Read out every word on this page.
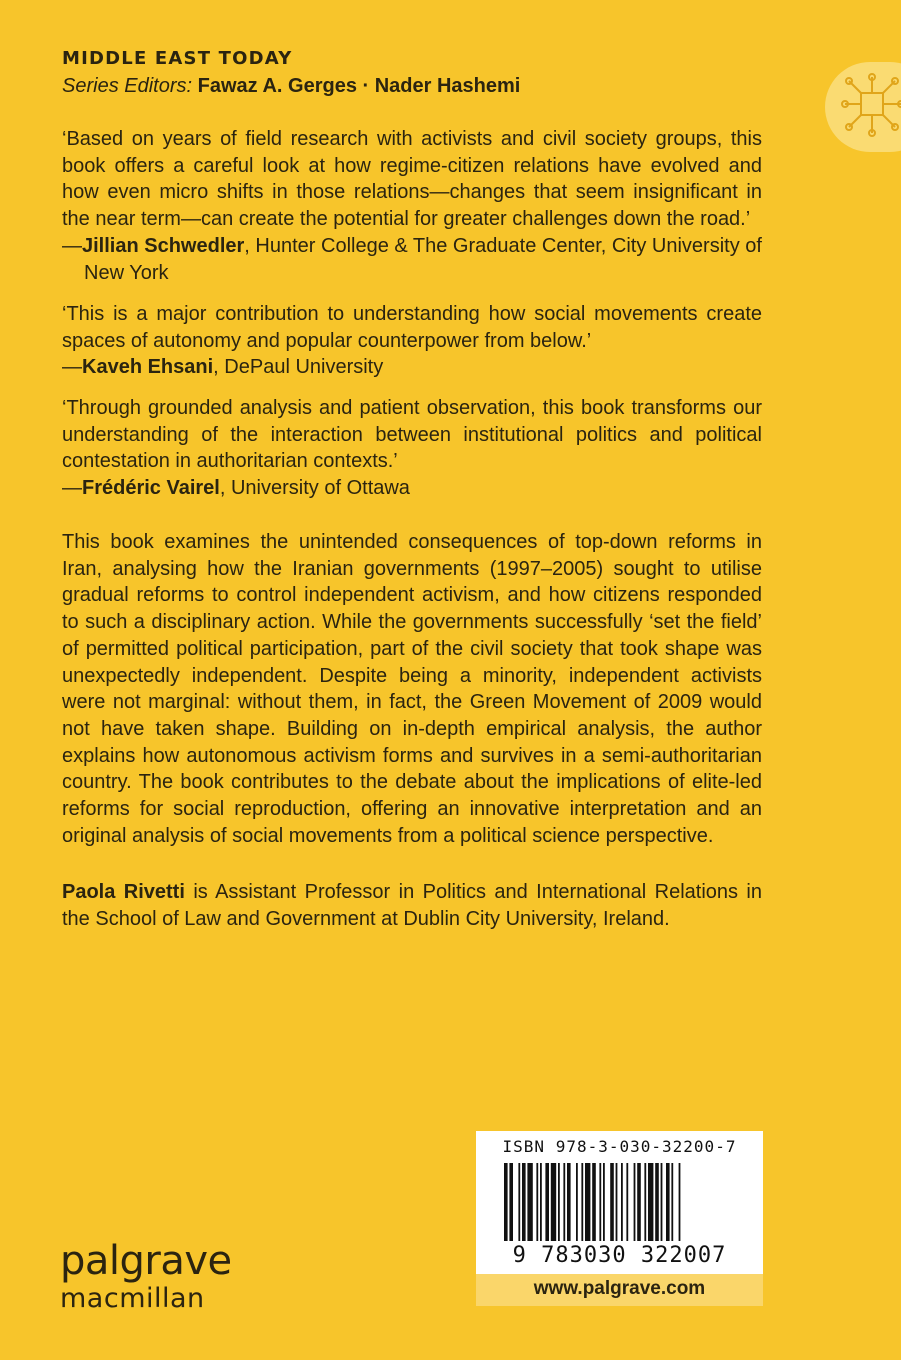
MIDDLE EAST TODAY
Series Editors: Fawaz A. Gerges · Nader Hashemi
‘Based on years of field research with activists and civil society groups, this book offers a careful look at how regime-citizen relations have evolved and how even micro shifts in those relations—changes that seem insignificant in the near term—can create the potential for greater challenges down the road.’
—Jillian Schwedler, Hunter College & The Graduate Center, City University of New York
‘This is a major contribution to understanding how social movements create spaces of autonomy and popular counterpower from below.’
—Kaveh Ehsani, DePaul University
‘Through grounded analysis and patient observation, this book transforms our understanding of the interaction between institutional politics and political contestation in authoritarian contexts.’
—Frédéric Vairel, University of Ottawa
This book examines the unintended consequences of top-down reforms in Iran, analysing how the Iranian governments (1997–2005) sought to utilise gradual reforms to control independent activism, and how citizens responded to such a disciplinary action. While the governments successfully ‘set the field’ of permitted political participation, part of the civil society that took shape was unexpectedly independent. Despite being a minority, independent activists were not marginal: without them, in fact, the Green Movement of 2009 would not have taken shape. Building on in-depth empirical analysis, the author explains how autonomous activism forms and survives in a semi-authoritarian country. The book contributes to the debate about the implications of elite-led reforms for social reproduction, offering an innovative interpretation and an original analysis of social movements from a political science perspective.
Paola Rivetti is Assistant Professor in Politics and International Relations in the School of Law and Government at Dublin City University, Ireland.
ISBN 978-3-030-32200-7
9 783030 322007
www.palgrave.com
palgrave
macmillan
